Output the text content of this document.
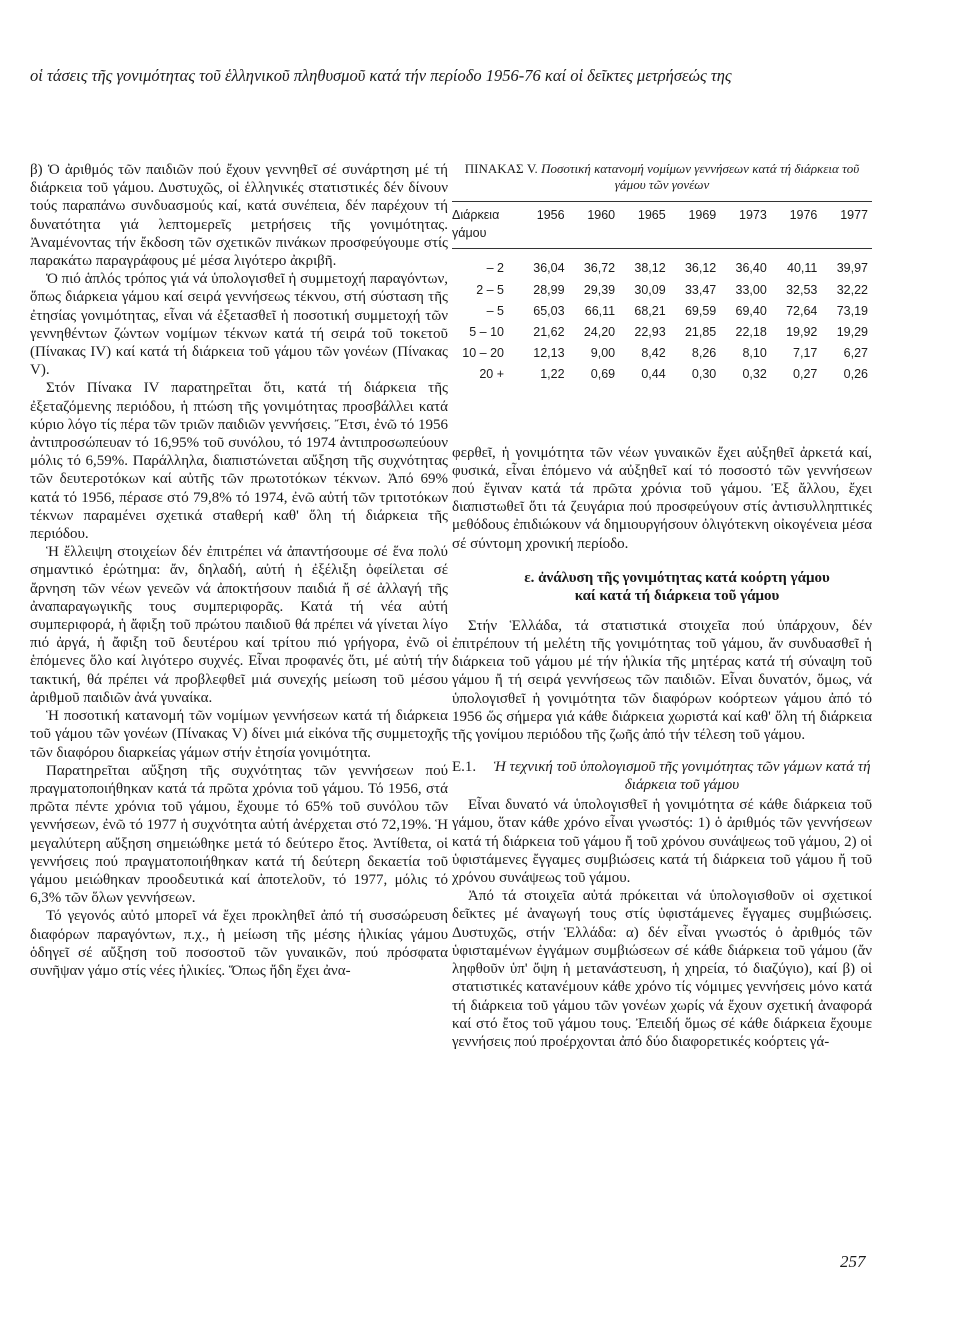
οἱ τάσεις τῆς γονιμότητας τοῦ ἑλληνικοῦ πληθυσμοῦ κατά τήν περίοδο 1956-76 καί οἱ δεῖκτες μετρήσεώς της

β) Ὁ ἀριθμός τῶν παιδιῶν πού ἔχουν γεννηθεῖ σέ συνάρτηση μέ τή διάρκεια τοῦ γάμου. Δυστυχῶς, οἱ ἑλληνικές στατιστικές δέν δίνουν τούς παραπάνω συνδυασμούς καί, κατά συνέπεια, δέν παρέχουν τή δυνατότητα γιά λεπτομερεῖς μετρήσεις τῆς γονιμότητας. Ἀναμένοντας τήν ἔκδοση τῶν σχετικῶν πινάκων προσφεύγουμε στίς παρακάτω παραγράφους μέ μέσα λιγότερο ἀκριβῆ.

Ὁ πιό ἁπλός τρόπος γιά νά ὑπολογισθεῖ ἡ συμμετοχή παραγόντων, ὅπως διάρκεια γάμου καί σειρά γεννήσεως τέκνου, στή σύσταση τῆς ἐτησίας γονιμότητας, εἶναι νά ἐξετασθεῖ ἡ ποσοτική συμμετοχή τῶν γεννηθέντων ζώντων νομίμων τέκνων κατά τή σειρά τοῦ τοκετοῦ (Πίνακας IV) καί κατά τή διάρκεια τοῦ γάμου τῶν γονέων (Πίνακας V).

Στόν Πίνακα IV παρατηρεῖται ὅτι, κατά τή διάρκεια τῆς ἐξεταζόμενης περιόδου, ἡ πτώση τῆς γονιμότητας προσβάλλει κατά κύριο λόγο τίς πέρα τῶν τριῶν παιδιῶν γεννήσεις. Ἔτσι, ἐνῶ τό 1956 ἀντιπροσώπευαν τό 16,95% τοῦ συνόλου, τό 1974 ἀντιπροσωπεύουν μόλις τό 6,59%. Παράλληλα, διαπιστώνεται αὔξηση τῆς συχνότητας τῶν δευτεροτόκων καί αὐτῆς τῶν πρωτοτόκων τέκνων. Ἀπό 69% κατά τό 1956, πέρασε στό 79,8% τό 1974, ἐνῶ αὐτή τῶν τριτοτόκων τέκνων παραμένει σχετικά σταθερή καθ' ὅλη τή διάρκεια τῆς περιόδου.

Ἡ ἔλλειψη στοιχείων δέν ἐπιτρέπει νά ἀπαντήσουμε σέ ἕνα πολύ σημαντικό ἐρώτημα: ἄν, δηλαδή, αὐτή ἡ ἐξέλιξη ὀφείλεται σέ ἄρνηση τῶν νέων γενεῶν νά ἀποκτήσουν παιδιά ἤ σέ ἀλλαγή τῆς ἀναπαραγωγικῆς τους συμπεριφορᾶς. Κατά τή νέα αὐτή συμπεριφορά, ἡ ἄφιξη τοῦ πρώτου παιδιοῦ θά πρέπει νά γίνεται λίγο πιό ἀργά, ἡ ἄφιξη τοῦ δευτέρου καί τρίτου πιό γρήγορα, ἐνῶ οἱ ἑπόμενες ὅλο καί λιγότερο συχνές. Εἶναι προφανές ὅτι, μέ αὐτή τήν τακτική, θά πρέπει νά προβλεφθεῖ μιά συνεχής μείωση τοῦ μέσου ἀριθμοῦ παιδιῶν ἀνά γυναίκα.

Ἡ ποσοτική κατανομή τῶν νομίμων γεννήσεων κατά τή διάρκεια τοῦ γάμου τῶν γονέων (Πίνακας V) δίνει μιά εἰκόνα τῆς συμμετοχῆς τῶν διαφόρου διαρκείας γάμων στήν ἐτησία γονιμότητα.

Παρατηρεῖται αὔξηση τῆς συχνότητας τῶν γεννήσεων πού πραγματοποιήθηκαν κατά τά πρῶτα χρόνια τοῦ γάμου. Τό 1956, στά πρῶτα πέντε χρόνια τοῦ γάμου, ἔχουμε τό 65% τοῦ συνόλου τῶν γεννήσεων, ἐνῶ τό 1977 ἡ συχνότητα αὐτή ἀνέρχεται στό 72,19%. Ἡ μεγαλύτερη αὔξηση σημειώθηκε μετά τό δεύτερο ἔτος. Ἀντίθετα, οἱ γεννήσεις πού πραγματοποιήθηκαν κατά τή δεύτερη δεκαετία τοῦ γάμου μειώθηκαν προοδευτικά καί ἀποτελοῦν, τό 1977, μόλις τό 6,3% τῶν ὅλων γεννήσεων.

Τό γεγονός αὐτό μπορεῖ νά ἔχει προκληθεῖ ἀπό τή συσσώρευση διαφόρων παραγόντων, π.χ., ἡ μείωση τῆς μέσης ἡλικίας γάμου ὁδηγεῖ σέ αὔξηση τοῦ ποσοστοῦ τῶν γυναικῶν, πού πρόσφατα συνῆψαν γάμο στίς νέες ἡλικίες. Ὅπως ἤδη ἔχει ἀνα-

ΠΙΝΑΚΑΣ V. Ποσοτική κατανομή νομίμων γεννήσεων κατά τή διάρκεια τοῦ γάμου τῶν γονέων
Διάρκεια γάμου	1956	1960	1965	1969	1973	1976	1977
– 2	36,04	36,72	38,12	36,12	36,40	40,11	39,97
2 – 5	28,99	29,39	30,09	33,47	33,00	32,53	32,22
– 5	65,03	66,11	68,21	69,59	69,40	72,64	73,19
5 – 10	21,62	24,20	22,93	21,85	22,18	19,92	19,29
10 – 20	12,13	9,00	8,42	8,26	8,10	7,17	6,27
20 +	1,22	0,69	0,44	0,30	0,32	0,27	0,26

φερθεῖ, ἡ γονιμότητα τῶν νέων γυναικῶν ἔχει αὐξηθεῖ ἀρκετά καί, φυσικά, εἶναι ἑπόμενο νά αὐξηθεῖ καί τό ποσοστό τῶν γεννήσεων πού ἔγιναν κατά τά πρῶτα χρόνια τοῦ γάμου. Ἐξ ἄλλου, ἔχει διαπιστωθεῖ ὅτι τά ζευγάρια πού προσφεύγουν στίς ἀντισυλληπτικές μεθόδους ἐπιδιώκουν νά δημιουργήσουν ὀλιγότεκνη οἰκογένεια μέσα σέ σύντομη χρονική περίοδο.

ε. ἀνάλυση τῆς γονιμότητας κατά κοόρτη γάμου
καί κατά τή διάρκεια τοῦ γάμου

Στήν Ἑλλάδα, τά στατιστικά στοιχεῖα πού ὑπάρχουν, δέν ἐπιτρέπουν τή μελέτη τῆς γονιμότητας τοῦ γάμου, ἄν συνδυασθεῖ ἡ διάρκεια τοῦ γάμου μέ τήν ἡλικία τῆς μητέρας κατά τή σύναψη τοῦ γάμου ἤ τή σειρά γεννήσεως τῶν παιδιῶν. Εἶναι δυνατόν, ὅμως, νά ὑπολογισθεῖ ἡ γονιμότητα τῶν διαφόρων κοόρτεων γάμου ἀπό τό 1956 ὥς σήμερα γιά κάθε διάρκεια χωριστά καί καθ' ὅλη τή διάρκεια τῆς γονίμου περιόδου τῆς ζωῆς ἀπό τήν τέλεση τοῦ γάμου.

Ε.1.	Ἡ τεχνική τοῦ ὑπολογισμοῦ τῆς γονιμότητας τῶν γάμων κατά τή διάρκεια τοῦ γάμου

Εἶναι δυνατό νά ὑπολογισθεῖ ἡ γονιμότητα σέ κάθε διάρκεια τοῦ γάμου, ὅταν κάθε χρόνο εἶναι γνωστός: 1) ὁ ἀριθμός τῶν γεννήσεων κατά τή διάρκεια τοῦ γάμου ἤ τοῦ χρόνου συνάψεως τοῦ γάμου, 2) οἱ ὑφιστάμενες ἔγγαμες συμβιώσεις κατά τή διάρκεια τοῦ γάμου ἤ τοῦ χρόνου συνάψεως τοῦ γάμου.

Ἀπό τά στοιχεῖα αὐτά πρόκειται νά ὑπολογισθοῦν οἱ σχετικοί δεῖκτες μέ ἀναγωγή τους στίς ὑφιστάμενες ἔγγαμες συμβιώσεις. Δυστυχῶς, στήν Ἑλλάδα: α) δέν εἶναι γνωστός ὁ ἀριθμός τῶν ὑφισταμένων ἐγγάμων συμβιώσεων σέ κάθε διάρκεια τοῦ γάμου (ἄν ληφθοῦν ὑπ' ὄψη ἡ μετανάστευση, ἡ χηρεία, τό διαζύγιο), καί β) οἱ στατιστικές κατανέμουν κάθε χρόνο τίς νόμιμες γεννήσεις μόνο κατά τή διάρκεια τοῦ γάμου τῶν γονέων χωρίς νά ἔχουν σχετική ἀναφορά καί στό ἔτος τοῦ γάμου τους. Ἐπειδή ὅμως σέ κάθε διάρκεια ἔχουμε γεννήσεις πού προέρχονται ἀπό δύο διαφορετικές κοόρτεις γά-

257
